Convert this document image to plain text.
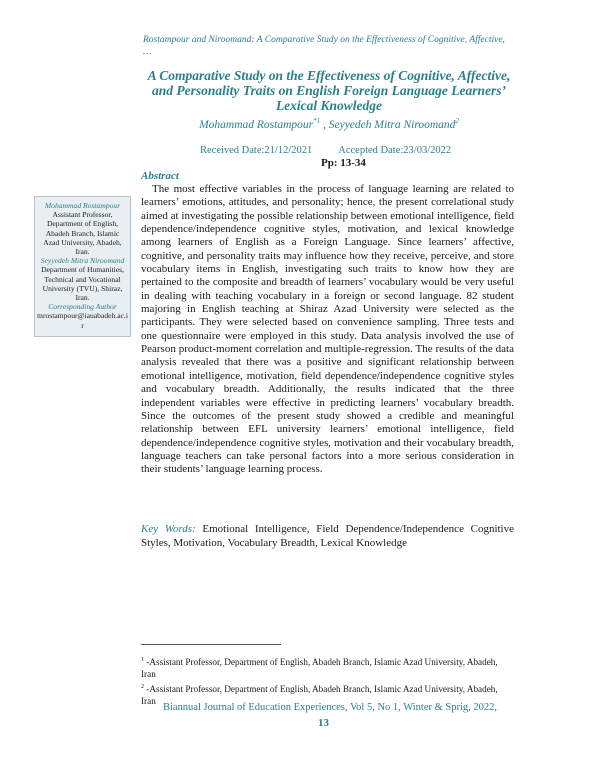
Rostampour and Niroomand: A Comparative Study on the Effectiveness of Cognitive, Affective, …
A Comparative Study on the Effectiveness of Cognitive, Affective, and Personality Traits on English Foreign Language Learners’ Lexical Knowledge
Mohammad Rostampour$^{*1}$ , Seyyedeh Mitra Niroomand$^2$
Received Date:21/12/2021 Accepted Date:23/03/2022
Pp: 13-34
Abstract
The most effective variables in the process of language learning are related to learners’ emotions, attitudes, and personality; hence, the present correlational study aimed at investigating the possible relationship between emotional intelligence, field dependence/independence cognitive styles, motivation, and lexical knowledge among learners of English as a Foreign Language. Since learners’ affective, cognitive, and personality traits may influence how they receive, perceive, and store vocabulary items in English, investigating such traits to know how they are pertained to the composite and breadth of learners’ vocabulary would be very useful in dealing with teaching vocabulary in a foreign or second language. 82 student majoring in English teaching at Shiraz Azad University were selected as the participants. They were selected based on convenience sampling. Three tests and one questionnaire were employed in this study. Data analysis involved the use of Pearson product-moment correlation and multiple-regression. The results of the data analysis revealed that there was a positive and significant relationship between emotional intelligence, motivation, field dependence/independence cognitive styles and vocabulary breadth. Additionally, the results indicated that the three independent variables were effective in predicting learners’ vocabulary breadth. Since the outcomes of the present study showed a credible and meaningful relationship between EFL university learners’ emotional intelligence, field dependence/independence cognitive styles, motivation and their vocabulary breadth, language teachers can take personal factors into a more serious consideration in their students’ language learning process.
Mohammad Rostampour
Assistant Professor, Department of English, Abadeh Branch, Islamic Azad University, Abadeh, Iran.
Seyyedeh Mitra Niroomand
Department of Humanities, Technical and Vocational University (TVU), Shiraz, Iran.
Corresponding Author
mrostampour@iauabadeh.ac.ir
Key Words: Emotional Intelligence, Field Dependence/Independence Cognitive Styles, Motivation, Vocabulary Breadth, Lexical Knowledge

$^1$ -Assistant Professor, Department of English, Abadeh Branch, Islamic Azad University, Abadeh, Iran

$^2$ -Assistant Professor, Department of English, Abadeh Branch, Islamic Azad University, Abadeh, Iran

Biannual Journal of Education Experiences, Vol 5, No 1, Winter & Sprig, 2022,
13
